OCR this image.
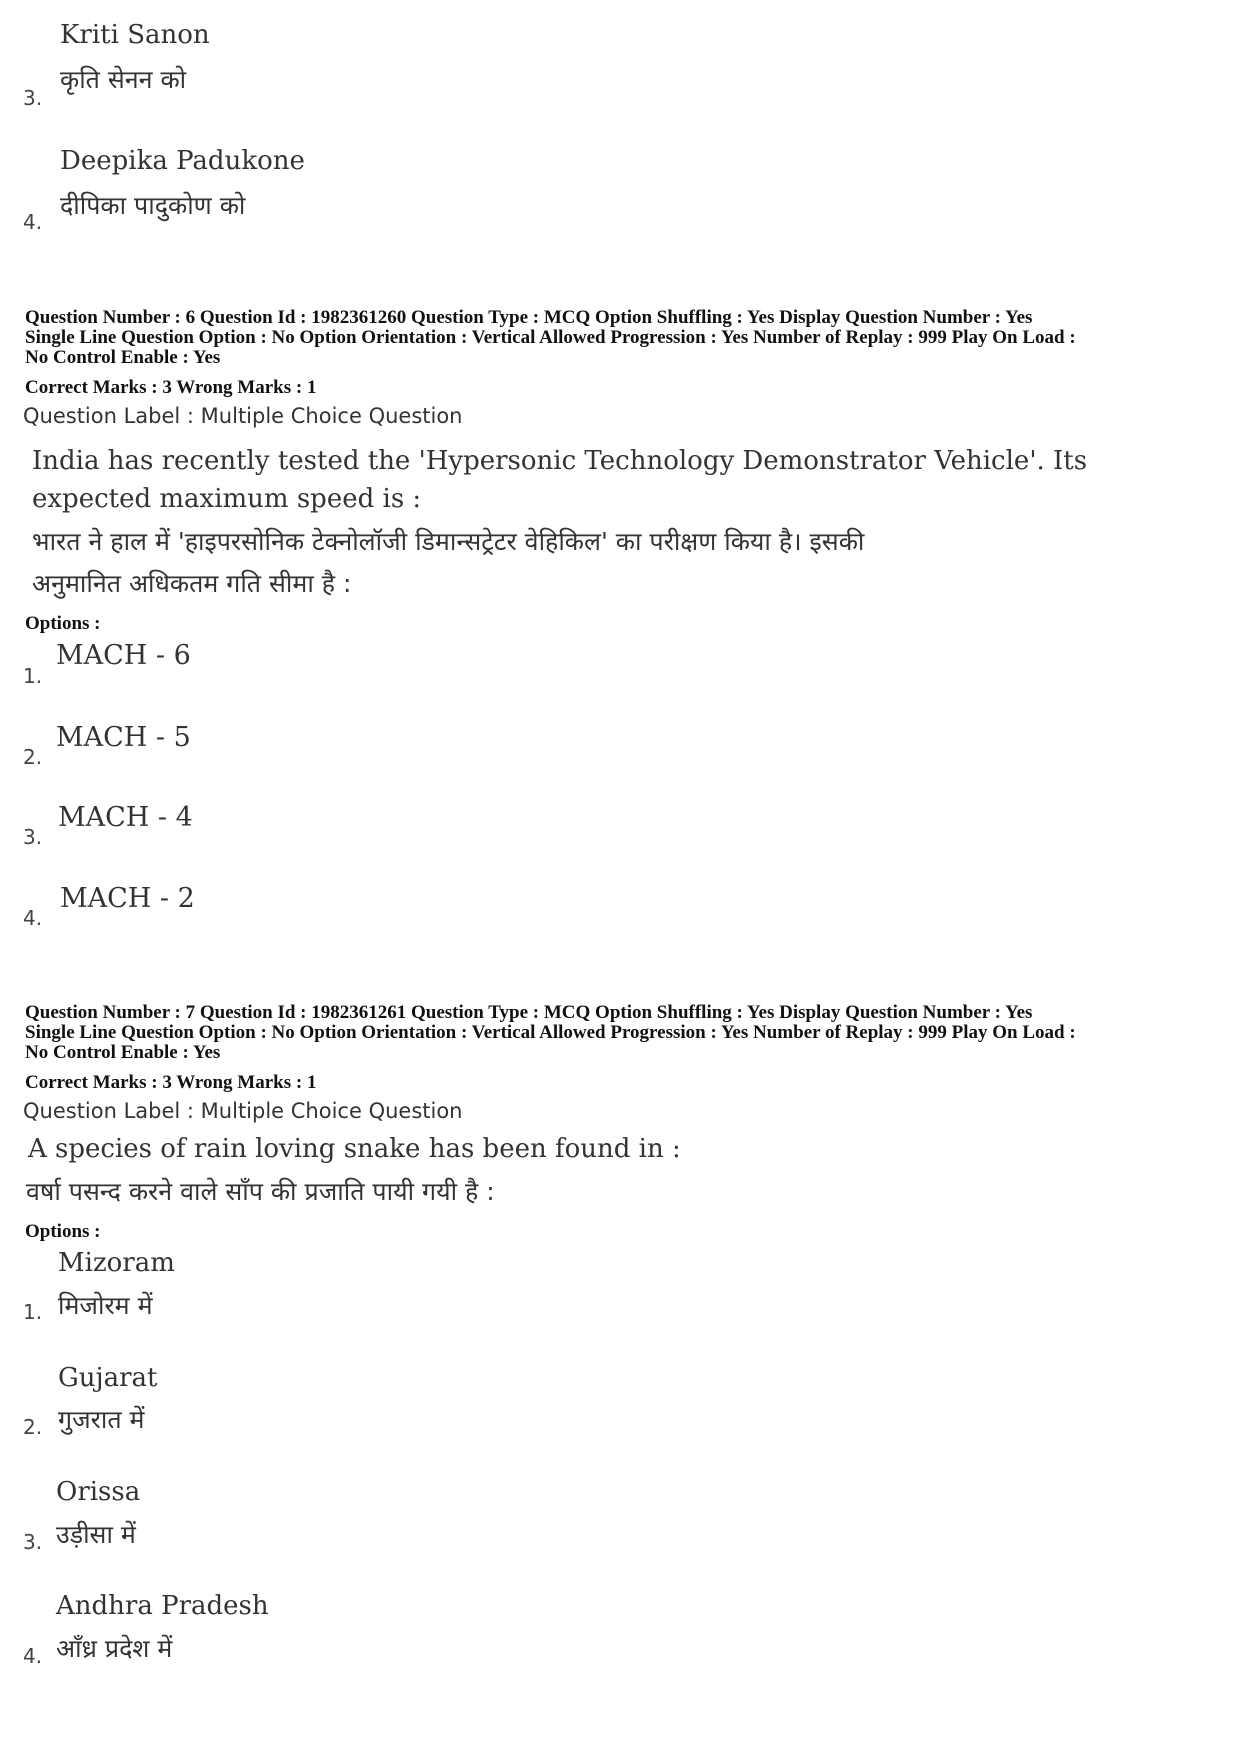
Kriti Sanon
कृति सेनन को
3.
Deepika Padukone
दीपिका पादुकोण को
4.
Question Number : 6 Question Id : 1982361260 Question Type : MCQ Option Shuffling : Yes Display Question Number : Yes
Single Line Question Option : No Option Orientation : Vertical Allowed Progression : Yes Number of Replay : 999 Play On Load :
No Control Enable : Yes
Correct Marks : 3 Wrong Marks : 1
Question Label : Multiple Choice Question
India has recently tested the 'Hypersonic Technology Demonstrator Vehicle'. Its
expected maximum speed is :
भारत ने हाल में 'हाइपरसोनिक टेक्नोलॉजी डिमान्सट्रेटर वेहिकिल' का परीक्षण किया है। इसकी
अनुमानित अधिकतम गति सीमा है :
Options :
1.
MACH - 6
2.
MACH - 5
3.
MACH - 4
4.
MACH - 2
Question Number : 7 Question Id : 1982361261 Question Type : MCQ Option Shuffling : Yes Display Question Number : Yes
Single Line Question Option : No Option Orientation : Vertical Allowed Progression : Yes Number of Replay : 999 Play On Load :
No Control Enable : Yes
Correct Marks : 3 Wrong Marks : 1
Question Label : Multiple Choice Question
A species of rain loving snake has been found in :
वर्षा पसन्द करने वाले साँप की प्रजाति पायी गयी है :
Options :
Mizoram
मिजोरम में
1.
Gujarat
गुजरात में
2.
Orissa
उड़ीसा में
3.
Andhra Pradesh
आँध्र प्रदेश में
4.
